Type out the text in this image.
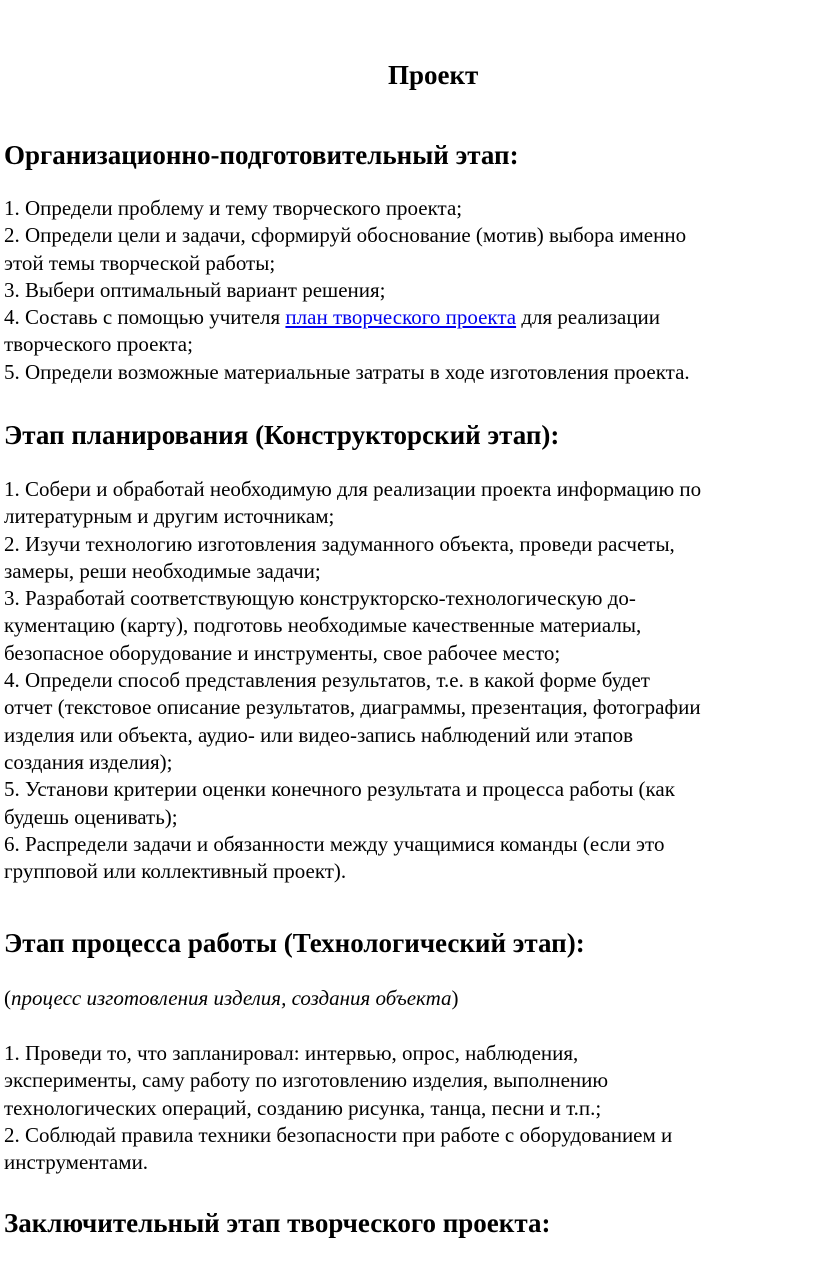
Проект
Организационно-подготовительный этап:
1. Определи проблему и тему творческого проекта;
2. Определи цели и задачи, сформируй обоснование (мотив) выбора именно
этой темы творческой работы;
3. Выбери оптимальный вариант решения;
4. Составь с помощью учителя план творческого проекта для реализации
творческого проекта;
5. Определи возможные материальные затраты в ходе изготовления проекта.
Этап планирования (Конструкторский этап):
1. Собери и обработай необходимую для реализации проекта информацию по
литературным и другим источникам;
2. Изучи технологию изготовления задуманного объекта, проведи расчеты,
замеры, реши необходимые задачи;
3. Разработай соответствующую конструкторско-технологическую до-
кументацию (карту), подготовь необходимые качественные материалы,
безопасное оборудование и инструменты, свое рабочее место;
4. Определи способ представления результатов, т.е. в какой форме будет
отчет (текстовое описание результатов, диаграммы, презентация, фотографии
изделия или объекта, аудио- или видео-запись наблюдений или этапов
создания изделия);
5. Установи критерии оценки конечного результата и процесса работы (как
будешь оценивать);
6. Распредели задачи и обязанности между учащимися команды (если это
групповой или коллективный проект).
Этап процесса работы (Технологический этап):
(процесс изготовления изделия, создания объекта)
1. Проведи то, что запланировал: интервью, опрос, наблюдения,
эксперименты, саму работу по изготовлению изделия, выполнению
технологических операций, созданию рисунка, танца, песни и т.п.;
2. Соблюдай правила техники безопасности при работе с оборудованием и
инструментами.
Заключительный этап творческого проекта:
